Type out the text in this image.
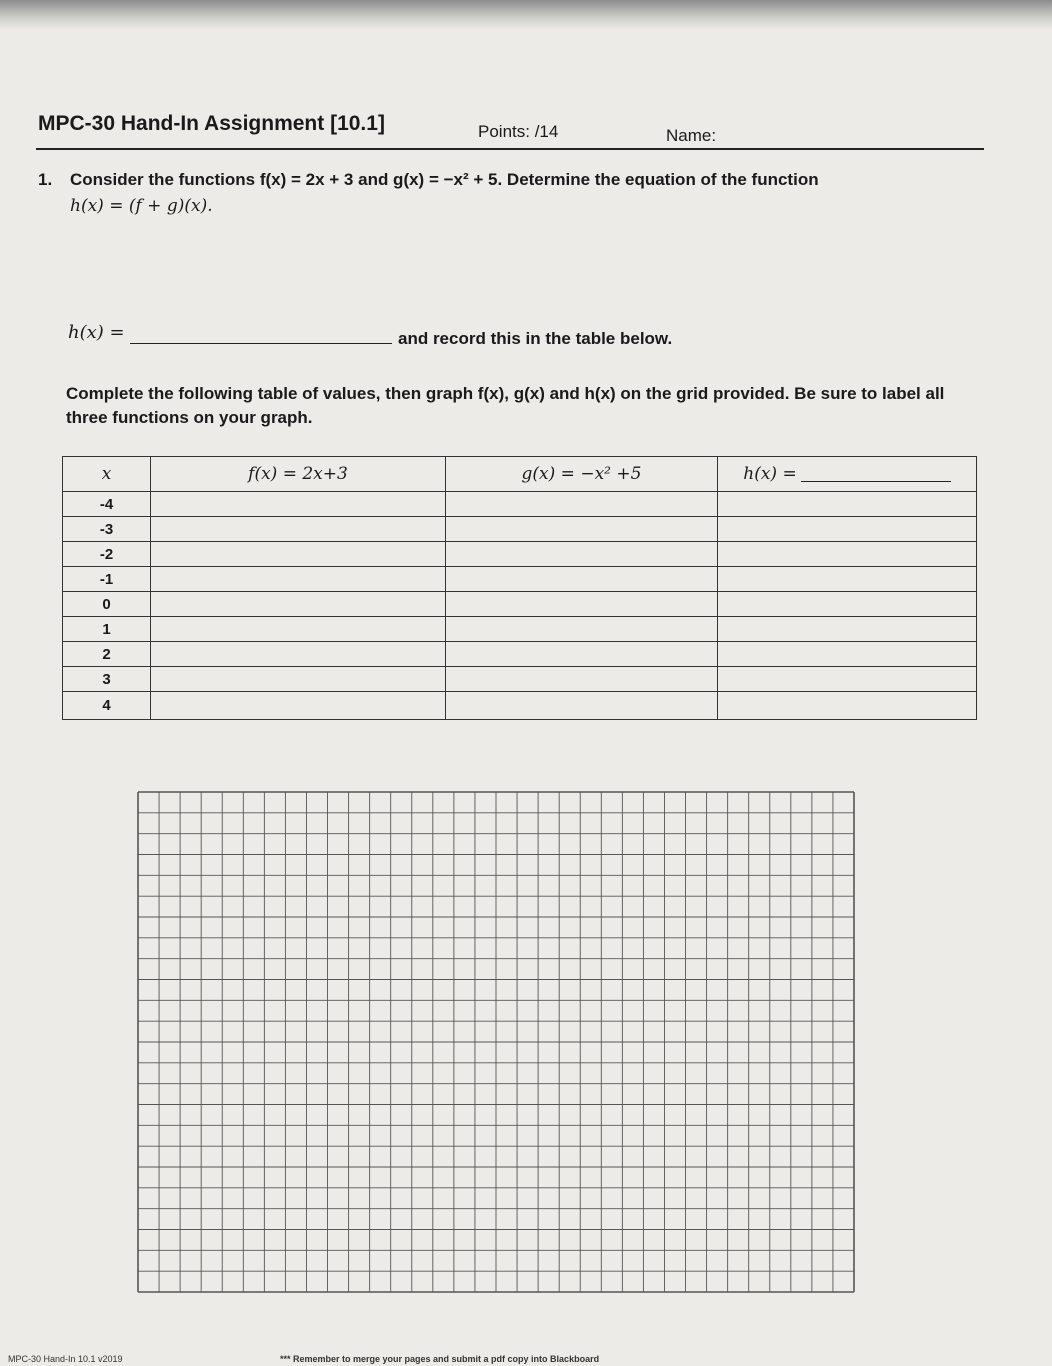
MPC-30 Hand-In Assignment [10.1]	Points: /14	Name:
1. Consider the functions f(x) = 2x + 3 and g(x) = −x² + 5. Determine the equation of the function
h(x) = (f + g)(x).
h(x) =	and record this in the table below.
Complete the following table of values, then graph f(x), g(x) and h(x) on the grid provided. Be sure to label all three functions on your graph.
x	f(x) = 2x+3	g(x) = −x² +5	h(x) =
-4			
-3			
-2			
-1			
0			
1			
2			
3			
4			
MPC-30 Hand-In 10.1 v2019	*** Remember to merge your pages and submit a pdf copy into Blackboard
